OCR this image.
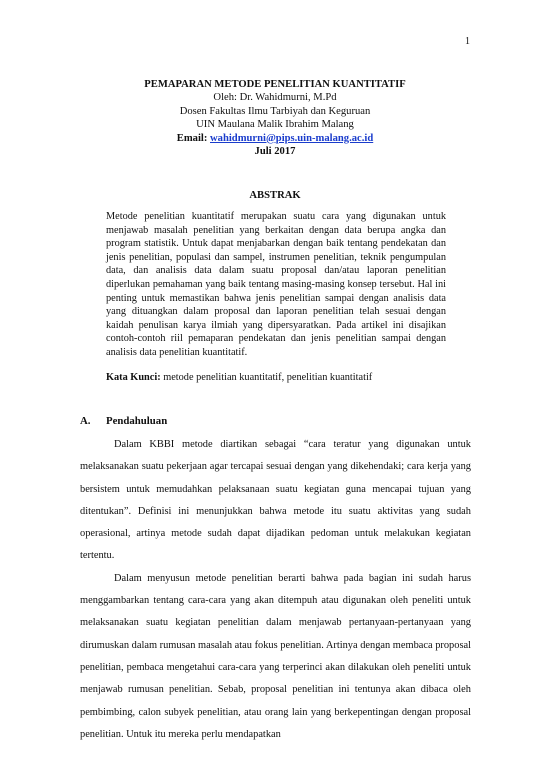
1
PEMAPARAN METODE PENELITIAN KUANTITATIF
Oleh: Dr. Wahidmurni, M.Pd
Dosen Fakultas Ilmu Tarbiyah dan Keguruan
UIN Maulana Malik Ibrahim Malang
Email: wahidmurni@pips.uin-malang.ac.id
Juli 2017
ABSTRAK
Metode penelitian kuantitatif merupakan suatu cara yang digunakan untuk menjawab masalah penelitian yang berkaitan dengan data berupa angka dan program statistik. Untuk dapat menjabarkan dengan baik tentang pendekatan dan jenis penelitian, populasi dan sampel, instrumen penelitian, teknik pengumpulan data, dan analisis data dalam suatu proposal dan/atau laporan penelitian diperlukan pemahaman yang baik tentang masing-masing konsep tersebut. Hal ini penting untuk memastikan bahwa jenis penelitian sampai dengan analisis data yang dituangkan dalam proposal dan laporan penelitian telah sesuai dengan kaidah penulisan karya ilmiah yang dipersyaratkan. Pada artikel ini disajikan contoh-contoh riil pemaparan pendekatan dan jenis penelitian sampai dengan analisis data penelitian kuantitatif.
Kata Kunci: metode penelitian kuantitatif, penelitian kuantitatif
A. Pendahuluan

Dalam KBBI metode diartikan sebagai “cara teratur yang digunakan untuk melaksanakan suatu pekerjaan agar tercapai sesuai dengan yang dikehendaki; cara kerja yang bersistem untuk memudahkan pelaksanaan suatu kegiatan guna mencapai tujuan yang ditentukan”. Definisi ini menunjukkan bahwa metode itu suatu aktivitas yang sudah operasional, artinya metode sudah dapat dijadikan pedoman untuk melakukan kegiatan tertentu.

Dalam menyusun metode penelitian berarti bahwa pada bagian ini sudah harus menggambarkan tentang cara-cara yang akan ditempuh atau digunakan oleh peneliti untuk melaksanakan suatu kegiatan penelitian dalam menjawab pertanyaan-pertanyaan yang dirumuskan dalam rumusan masalah atau fokus penelitian. Artinya dengan membaca proposal penelitian, pembaca mengetahui cara-cara yang terperinci akan dilakukan oleh peneliti untuk menjawab rumusan penelitian. Sebab, proposal penelitian ini tentunya akan dibaca oleh pembimbing, calon subyek penelitian, atau orang lain yang berkepentingan dengan proposal penelitian. Untuk itu mereka perlu mendapatkan
